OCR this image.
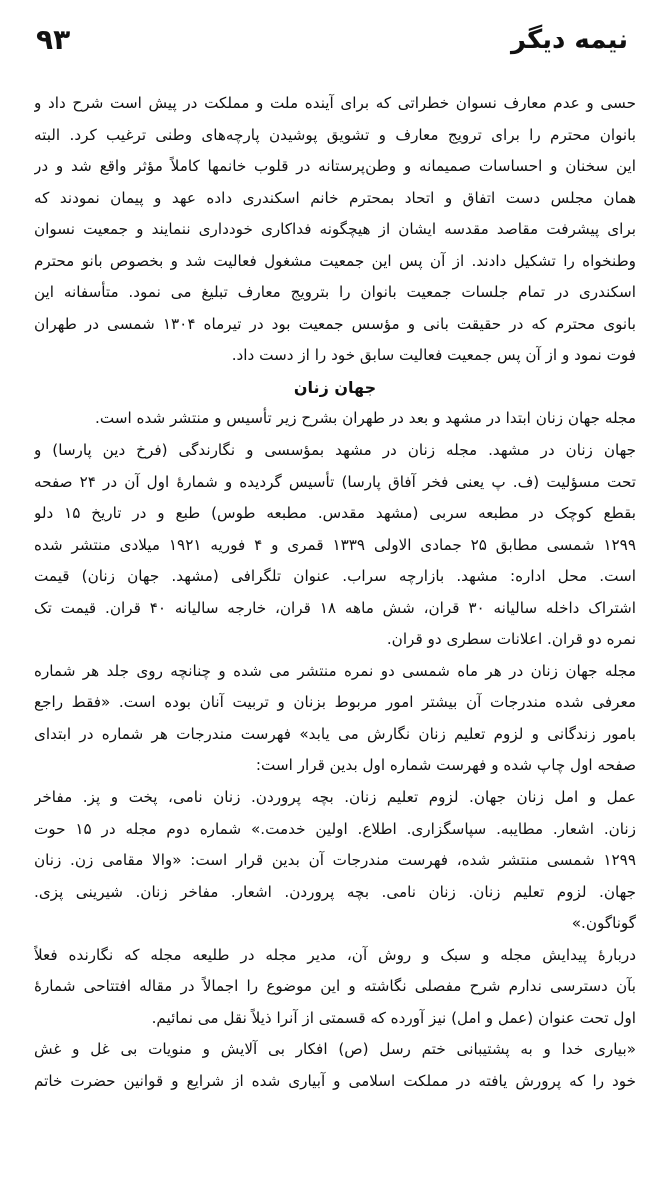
نیمه دیگر
۹۳
حسی و عدم معارف نسوان خطراتی که برای آینده ملت و مملکت در پیش است شرح داد و
بانوان محترم را برای ترویج معارف و تشویق پوشیدن پارچه‌های وطنی ترغیب کرد. البته
این سخنان و احساسات صمیمانه و وطن‌پرستانه در قلوب خانمها کاملاً مؤثر واقع شد و در
همان مجلس دست اتفاق و اتحاد بمحترم خانم اسکندری داده عهد و پیمان نمودند که
برای پیشرفت مقاصد مقدسه ایشان از هیچگونه فداکاری خودداری ننمایند و جمعیت نسوان
وطنخواه را تشکیل دادند. از آن پس این جمعیت مشغول فعالیت شد و بخصوص بانو محترم
اسکندری در تمام جلسات جمعیت بانوان را بترویج معارف تبلیغ می نمود. متأسفانه این
بانوی محترم که در حقیقت بانی و مؤسس جمعیت بود در تیرماه ۱۳۰۴ شمسی در طهران
فوت نمود و از آن پس جمعیت فعالیت سابق خود را از دست داد.
جهان زنان
مجله جهان زنان ابتدا در مشهد و بعد در طهران بشرح زیر تأسیس و منتشر شده است.
جهان زنان در مشهد. مجله زنان در مشهد بمؤسسی و نگارندگی (فرخ دین پارسا) و
تحت مسؤلیت (ف. پ یعنی فخر آفاق پارسا) تأسیس گردیده و شمارهٔ اول آن در ۲۴ صفحه
بقطع کوچک در مطبعه سربی (مشهد مقدس. مطبعه طوس) طبع و در تاریخ ۱۵ دلو
۱۲۹۹ شمسی مطابق ۲۵ جمادی الاولی ۱۳۳۹ قمری و ۴ فوریه ۱۹۲۱ میلادی منتشر شده
است. محل اداره: مشهد. بازارچه سراب. عنوان تلگرافی (مشهد. جهان زنان) قیمت
اشتراک داخله سالیانه ۳۰ قران، شش ماهه ۱۸ قران، خارجه سالیانه ۴۰ قران. قیمت تک
نمره دو قران. اعلانات سطری دو قران.
مجله جهان زنان در هر ماه شمسی دو نمره منتشر می شده و چنانچه روی جلد هر شماره
معرفی شده مندرجات آن بیشتر امور مربوط بزنان و تربیت آنان بوده است. «فقط راجع
بامور زندگانی و لزوم تعلیم زنان نگارش می یابد» فهرست مندرجات هر شماره در ابتدای
صفحه اول چاپ شده و فهرست شماره اول بدین قرار است:
عمل و امل زنان جهان. لزوم تعلیم زنان. بچه پروردن. زنان نامی، پخت و پز. مفاخر
زنان. اشعار. مطایبه. سپاسگزاری. اطلاع. اولین خدمت.» شماره دوم مجله در ۱۵ حوت
۱۲۹۹ شمسی منتشر شده، فهرست مندرجات آن بدین قرار است: «والا مقامی زن. زنان
جهان. لزوم تعلیم زنان. زنان نامی. بچه پروردن. اشعار. مفاخر زنان. شیرینی پزی.
گوناگون.»
دربارهٔ پیدایش مجله و سبک و روش آن، مدیر مجله در طلیعه مجله که نگارنده فعلاً
بآن دسترسی ندارم شرح مفصلی نگاشته و این موضوع را اجمالاً در مقاله افتتاحی شمارهٔ
اول تحت عنوان (عمل و امل) نیز آورده که قسمتی از آنرا ذیلاً نقل می نمائیم.
«بیاری خدا و به پشتیبانی ختم رسل (ص) افکار بی آلایش و منویات بی غل و غش
خود را که پرورش یافته در مملکت اسلامی و آبیاری شده از شرایع و قوانین حضرت خاتم
